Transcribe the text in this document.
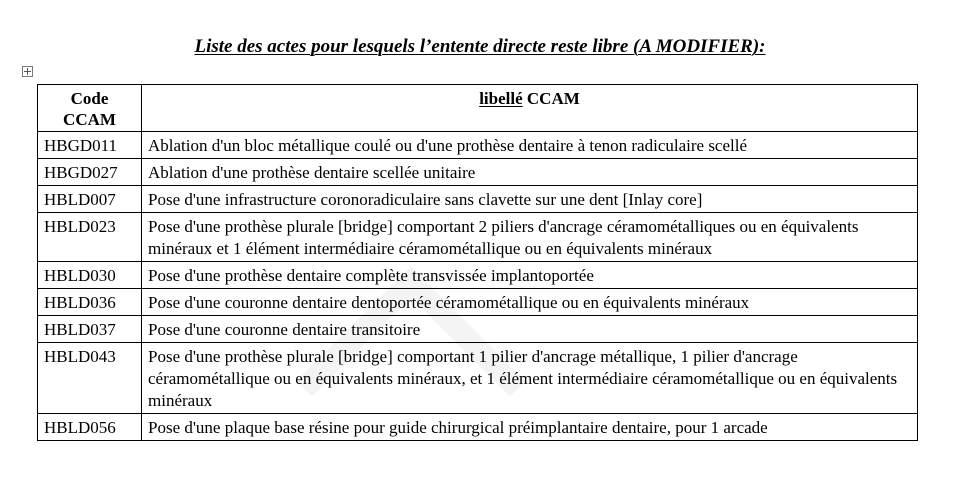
Liste des actes pour lesquels l’entente directe reste libre (A MODIFIER):
Code
CCAM	libellé CCAM
HBGD011	Ablation d'un bloc métallique coulé ou d'une prothèse dentaire à tenon radiculaire scellé
HBGD027	Ablation d'une prothèse dentaire scellée unitaire
HBLD007	Pose d'une infrastructure coronoradiculaire sans clavette sur une dent [Inlay core]
HBLD023	Pose d'une prothèse plurale [bridge] comportant 2 piliers d'ancrage céramométalliques ou en équivalents minéraux et 1 élément intermédiaire céramométallique ou en équivalents minéraux
HBLD030	Pose d'une prothèse dentaire complète transvissée implantoportée
HBLD036	Pose d'une couronne dentaire dentoportée céramométallique ou en équivalents minéraux
HBLD037	Pose d'une couronne dentaire transitoire
HBLD043	Pose d'une prothèse plurale [bridge] comportant 1 pilier d'ancrage métallique, 1 pilier d'ancrage céramométallique ou en équivalents minéraux, et 1 élément intermédiaire céramométallique ou en équivalents minéraux
HBLD056	Pose d'une plaque base résine pour guide chirurgical préimplantaire dentaire, pour 1 arcade
